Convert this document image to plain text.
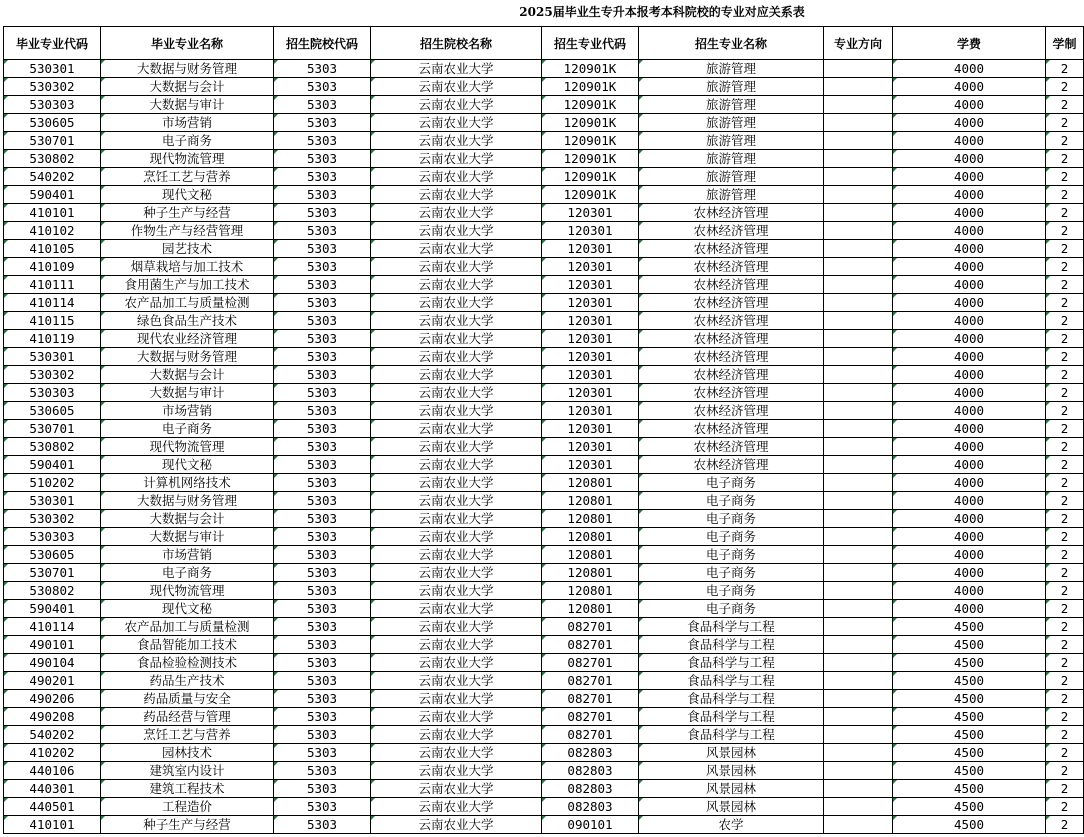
2025届毕业生专升本报考本科院校的专业对应关系表
毕业专业代码	毕业专业名称	招生院校代码	招生院校名称	招生专业代码	招生专业名称	专业方向	学费	学制
530301	大数据与财务管理	5303	云南农业大学	120901K	旅游管理		4000	2
530302	大数据与会计	5303	云南农业大学	120901K	旅游管理		4000	2
530303	大数据与审计	5303	云南农业大学	120901K	旅游管理		4000	2
530605	市场营销	5303	云南农业大学	120901K	旅游管理		4000	2
530701	电子商务	5303	云南农业大学	120901K	旅游管理		4000	2
530802	现代物流管理	5303	云南农业大学	120901K	旅游管理		4000	2
540202	烹饪工艺与营养	5303	云南农业大学	120901K	旅游管理		4000	2
590401	现代文秘	5303	云南农业大学	120901K	旅游管理		4000	2
410101	种子生产与经营	5303	云南农业大学	120301	农林经济管理		4000	2
410102	作物生产与经营管理	5303	云南农业大学	120301	农林经济管理		4000	2
410105	园艺技术	5303	云南农业大学	120301	农林经济管理		4000	2
410109	烟草栽培与加工技术	5303	云南农业大学	120301	农林经济管理		4000	2
410111	食用菌生产与加工技术	5303	云南农业大学	120301	农林经济管理		4000	2
410114	农产品加工与质量检测	5303	云南农业大学	120301	农林经济管理		4000	2
410115	绿色食品生产技术	5303	云南农业大学	120301	农林经济管理		4000	2
410119	现代农业经济管理	5303	云南农业大学	120301	农林经济管理		4000	2
530301	大数据与财务管理	5303	云南农业大学	120301	农林经济管理		4000	2
530302	大数据与会计	5303	云南农业大学	120301	农林经济管理		4000	2
530303	大数据与审计	5303	云南农业大学	120301	农林经济管理		4000	2
530605	市场营销	5303	云南农业大学	120301	农林经济管理		4000	2
530701	电子商务	5303	云南农业大学	120301	农林经济管理		4000	2
530802	现代物流管理	5303	云南农业大学	120301	农林经济管理		4000	2
590401	现代文秘	5303	云南农业大学	120301	农林经济管理		4000	2
510202	计算机网络技术	5303	云南农业大学	120801	电子商务		4000	2
530301	大数据与财务管理	5303	云南农业大学	120801	电子商务		4000	2
530302	大数据与会计	5303	云南农业大学	120801	电子商务		4000	2
530303	大数据与审计	5303	云南农业大学	120801	电子商务		4000	2
530605	市场营销	5303	云南农业大学	120801	电子商务		4000	2
530701	电子商务	5303	云南农业大学	120801	电子商务		4000	2
530802	现代物流管理	5303	云南农业大学	120801	电子商务		4000	2
590401	现代文秘	5303	云南农业大学	120801	电子商务		4000	2
410114	农产品加工与质量检测	5303	云南农业大学	082701	食品科学与工程		4500	2
490101	食品智能加工技术	5303	云南农业大学	082701	食品科学与工程		4500	2
490104	食品检验检测技术	5303	云南农业大学	082701	食品科学与工程		4500	2
490201	药品生产技术	5303	云南农业大学	082701	食品科学与工程		4500	2
490206	药品质量与安全	5303	云南农业大学	082701	食品科学与工程		4500	2
490208	药品经营与管理	5303	云南农业大学	082701	食品科学与工程		4500	2
540202	烹饪工艺与营养	5303	云南农业大学	082701	食品科学与工程		4500	2
410202	园林技术	5303	云南农业大学	082803	风景园林		4500	2
440106	建筑室内设计	5303	云南农业大学	082803	风景园林		4500	2
440301	建筑工程技术	5303	云南农业大学	082803	风景园林		4500	2
440501	工程造价	5303	云南农业大学	082803	风景园林		4500	2
410101	种子生产与经营	5303	云南农业大学	090101	农学		4500	2
